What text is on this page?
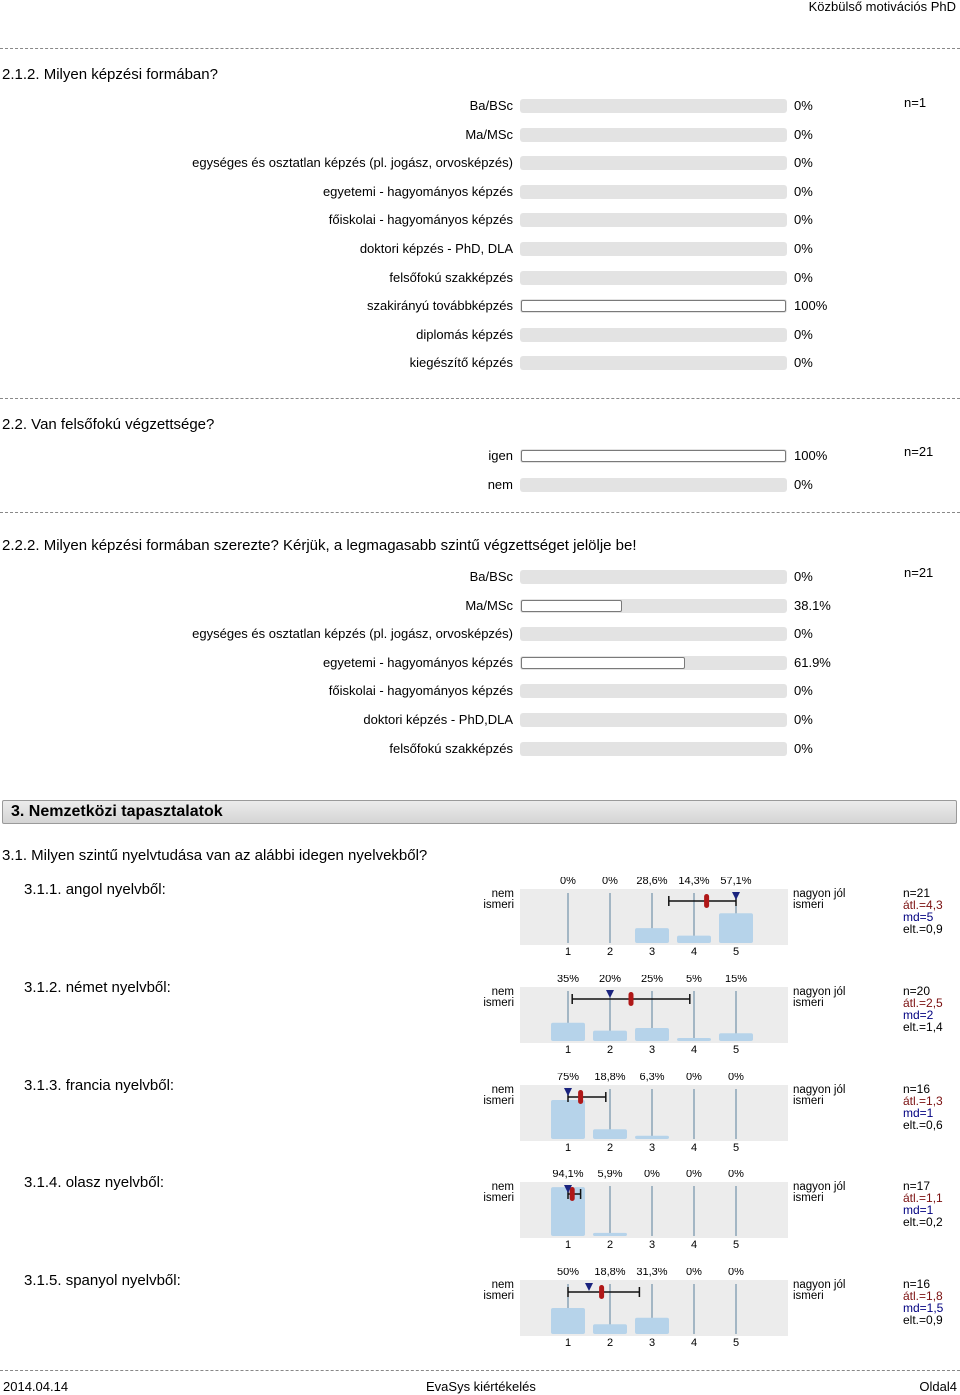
Közbülső motivációs PhD
2.1.2. Milyen képzési formában?
n=1
Ba/BSc	0%
Ma/MSc	0%
egységes és osztatlan képzés (pl. jogász, orvosképzés)	0%
egyetemi - hagyományos képzés	0%
főiskolai - hagyományos képzés	0%
doktori képzés - PhD, DLA	0%
felsőfokú szakképzés	0%
szakirányú továbbképzés	100%
diplomás képzés	0%
kiegészítő képzés	0%
2.2. Van felsőfokú végzettsége?
n=21
igen	100%
nem	0%
2.2.2. Milyen képzési formában szerezte? Kérjük, a legmagasabb szintű végzettséget jelölje be!
n=21
Ba/BSc	0%
Ma/MSc	38.1%
egységes és osztatlan képzés (pl. jogász, orvosképzés)	0%
egyetemi - hagyományos képzés	61.9%
főiskolai - hagyományos képzés	0%
doktori képzés - PhD,DLA	0%
felsőfokú szakképzés	0%
3. Nemzetközi tapasztalatok
3.1. Milyen szintű nyelvtudása van az alábbi idegen nyelvekből?
3.1.1. angol nyelvből:	nem
ismeri
nagyon jól
ismeri
n=21
átl.=4,3
md=5
elt.=0,9
0%
1
0%
2
28,6%
3
14,3%
4
57,1%
5
3.1.2. német nyelvből:	nem
ismeri
nagyon jól
ismeri
n=20
átl.=2,5
md=2
elt.=1,4
35%
1
20%
2
25%
3
5%
4
15%
5
3.1.3. francia nyelvből:	nem
ismeri
nagyon jól
ismeri
n=16
átl.=1,3
md=1
elt.=0,6
75%
1
18,8%
2
6,3%
3
0%
4
0%
5
3.1.4. olasz nyelvből:	nem
ismeri
nagyon jól
ismeri
n=17
átl.=1,1
md=1
elt.=0,2
94,1%
1
5,9%
2
0%
3
0%
4
0%
5
3.1.5. spanyol nyelvből:	nem
ismeri
nagyon jól
ismeri
n=16
átl.=1,8
md=1,5
elt.=0,9
50%
1
18,8%
2
31,3%
3
0%
4
0%
5
2014.04.14	EvaSys kiértékelés	Oldal4
